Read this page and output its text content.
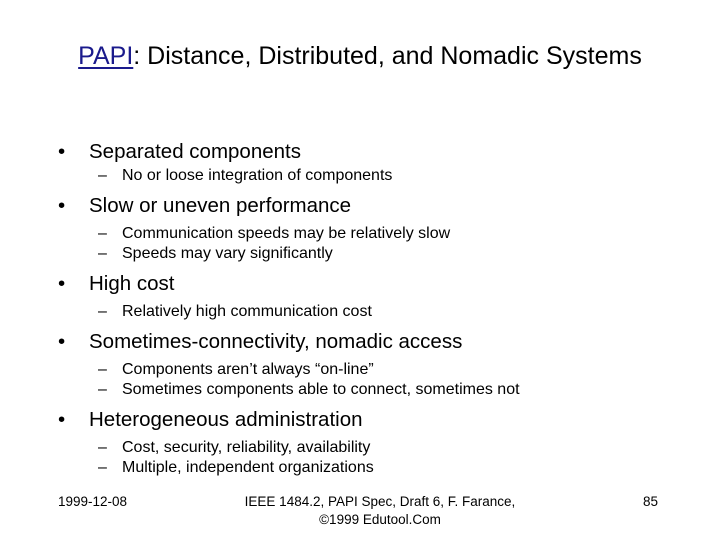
PAPI: Distance, Distributed, and Nomadic Systems
•	Separated components
– No or loose integration of components
•	Slow or uneven performance
– Communication speeds may be relatively slow
– Speeds may vary significantly
•	High cost
– Relatively high communication cost
•	Sometimes-connectivity, nomadic access
– Components aren’t always “on-line”
– Sometimes components able to connect, sometimes not
•	Heterogeneous administration
– Cost, security, reliability, availability
– Multiple, independent organizations
1999-12-08	IEEE 1484.2, PAPI Spec, Draft 6, F. Farance,
©1999 Edutool.Com
85
